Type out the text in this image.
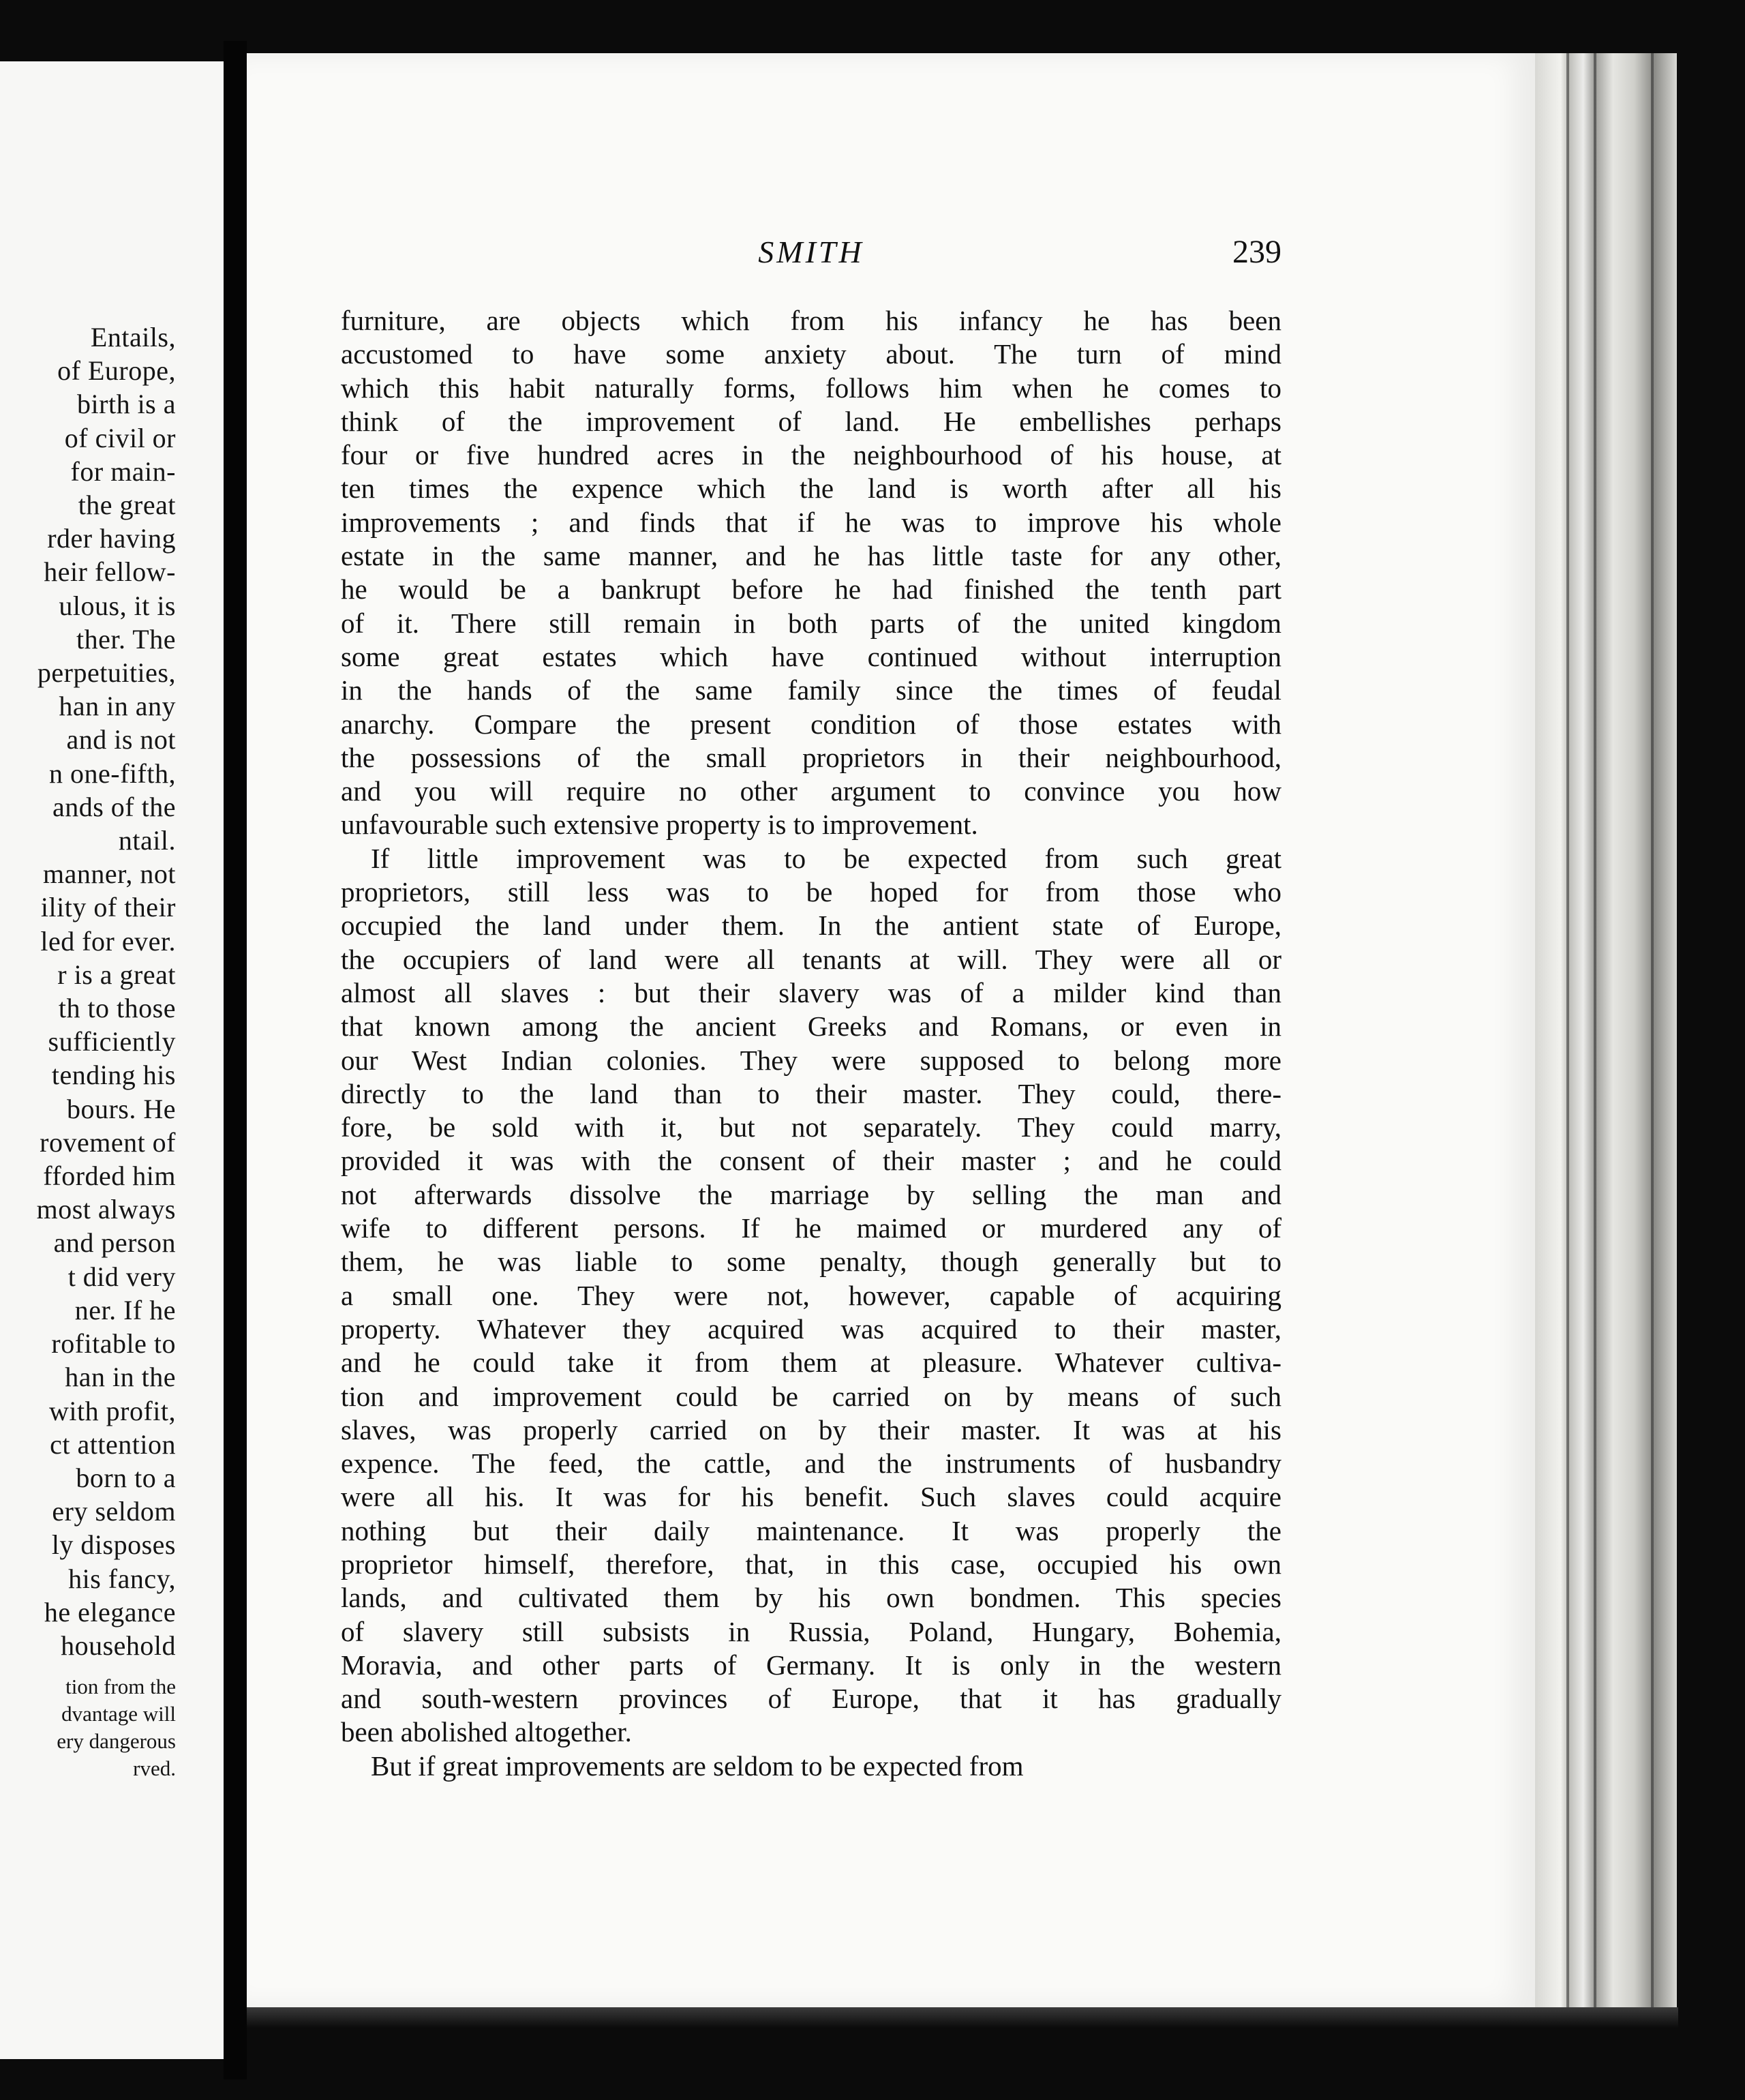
Entails,
of Europe,
birth is a
of civil or
for main-
the great
rder having
heir fellow-
ulous, it is
ther. The
perpetuities,
han in any
and is not
n one-fifth,
ands of the
ntail.
manner, not
ility of their
led for ever.
r is a great
th to those
sufficiently
tending his
bours. He
rovement of
fforded him
most always
and person
t did very
ner. If he
rofitable to
han in the
with profit,
ct attention
born to a
ery seldom
ly disposes
his fancy,
he elegance
household
tion from the
dvantage will
ery dangerous
rved.
SMITH	239
furniture, are objects which from his infancy he has been
accustomed to have some anxiety about. The turn of mind
which this habit naturally forms, follows him when he comes to
think of the improvement of land. He embellishes perhaps
four or five hundred acres in the neighbourhood of his house, at
ten times the expence which the land is worth after all his
improvements ; and finds that if he was to improve his whole
estate in the same manner, and he has little taste for any other,
he would be a bankrupt before he had finished the tenth part
of it. There still remain in both parts of the united kingdom
some great estates which have continued without interruption
in the hands of the same family since the times of feudal
anarchy. Compare the present condition of those estates with
the possessions of the small proprietors in their neighbourhood,
and you will require no other argument to convince you how
unfavourable such extensive property is to improvement.
If little improvement was to be expected from such great
proprietors, still less was to be hoped for from those who
occupied the land under them. In the antient state of Europe,
the occupiers of land were all tenants at will. They were all or
almost all slaves : but their slavery was of a milder kind than
that known among the ancient Greeks and Romans, or even in
our West Indian colonies. They were supposed to belong more
directly to the land than to their master. They could, there-
fore, be sold with it, but not separately. They could marry,
provided it was with the consent of their master ; and he could
not afterwards dissolve the marriage by selling the man and
wife to different persons. If he maimed or murdered any of
them, he was liable to some penalty, though generally but to
a small one. They were not, however, capable of acquiring
property. Whatever they acquired was acquired to their master,
and he could take it from them at pleasure. Whatever cultiva-
tion and improvement could be carried on by means of such
slaves, was properly carried on by their master. It was at his
expence. The feed, the cattle, and the instruments of husbandry
were all his. It was for his benefit. Such slaves could acquire
nothing but their daily maintenance. It was properly the
proprietor himself, therefore, that, in this case, occupied his own
lands, and cultivated them by his own bondmen. This species
of slavery still subsists in Russia, Poland, Hungary, Bohemia,
Moravia, and other parts of Germany. It is only in the western
and south-western provinces of Europe, that it has gradually
been abolished altogether.
But if great improvements are seldom to be expected from
